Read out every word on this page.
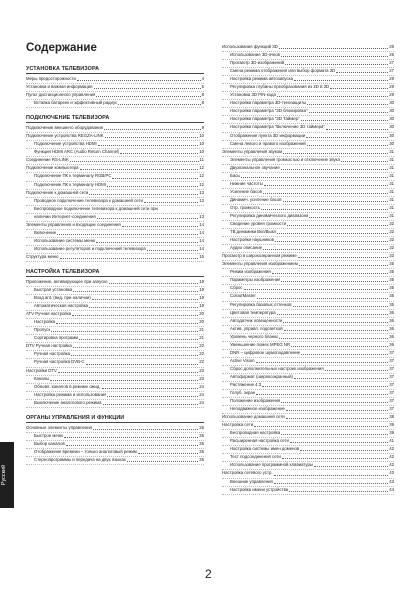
Содержание
УСТАНОВКА ТЕЛЕВИЗОРА
Меры предосторожности	4
Установка и важная информация	5
Пульт дистанционного управления	8
Вставка батареек и эффективный радиус	8
ПОДКЛЮЧЕНИЕ ТЕЛЕВИЗОРА
Подключение внешнего оборудования	9
Подключение устройства REGZA-LINK	10
Подключение устройства HDMI	10
Функция HDMI ARC (Audio Return Channel)	10
Соединение RS-LINK	11
Подключение компьютера	12
Подключение ПК к терминалу RGB/PC	12
Подключение ПК к терминалу HDMI	12
Подключение к домашней сети	13
Проводное подключение телевизора к домашней сети	13
Беспроводное подключение телевизора к домашней сети при
наличии Интернет-соединения	13
Элементы управления и входящие соединения	14
Включение	14
Использование системы меню	14
Использование регуляторов и подключений телевизора	14
Структура меню	15
НАСТРОЙКА ТЕЛЕВИЗОРА
Приложение, активирующее при запуске	19
Быстрая установка	19
Вход ant. (вид. при наличии)	19
Автоматическая настройка	19
ATV Ручная настройка	20
Настройка	20
Пропуск	21
Сортировка программ	21
DTV Ручная настройка	22
Ручная настройка	22
Ручная настройка DVB-C	22
Настройки DTV	23
Каналы	23
Обновл. каналов в режиме ожид.	24
Настройка режима и использования	24
Выключение аналогового режима	24
ОРГАНЫ УПРАВЛЕНИЯ И ФУНКЦИИ
Основные элементы управления	25
Быстрое меню	25
Выбор каналов	25
Отображение времени – только аналоговый режим	25
Стереопрограммы и передача на двух языках	25
Использование функций 3D	26
Использование 3D-очков	26
Просмотр 3D-изображений	27
Смена режима отображения или выбор формата 3D	27
Настройка режима автозапуска	29
Регулировка глубины преобразования из 2D в 3D	29
Установка 3D PIN-кода	29
Настройки параметра 3D-тенезащиты	30
Настройки параметра "3D блокировка"	30
Настройки параметра "3D Таймер"	30
Настройки параметра "Включение 3D таймера"	30
Отображение пункта 3D информации	30
Смена левого и правого изображений	30
Элементы управления звуком	31
Элементы управления громкостью и отключение звука	31
Двухканальное звучание	31
Басы	31
Нижние частоты	31
Усиление басов	31
Динамич. усиление басов	31
Отр. громкость	31
Регулировка динамического диапазона	31
Сведение уровня громкости	32
ТВ динамики Вкл/Выкл	32
Настройки наушников	32
Аудио описание	32
Просмотр в широкоэкранном режиме	33
Элементы управления изображением	35
Режим изображения	35
Параметры изображения	35
Сброс	35
ColourMaster	35
Регулировка базовых оттенков	35
Цветовая температура	36
Автодатчик освещенности	36
Актив. управл. подсветкой	36
Уровень черного бланко	36
Уменьшение помех MPEG NR	36
DNR – цифровое шумоподавление	37
Active Vision	37
Сброс дополнительных настроек изображения	37
Автоформат (широкоэкранный)	37
Растяжение 4:3	37
Голуб. экран	37
Положение изображения	37
Неподвижное изображение	37
Использование домашней сети	38
Настройка сети	39
Беспроводная настройка	39
Расширенная настройка сети	41
Настройка системы имен доменов	42
Тест подсоединения сети	42
Использование программной клавиатуры	42
Настройка сетевого устр.	43
Внешние управления	43
Настройка имени устройства	44
Русский
2
